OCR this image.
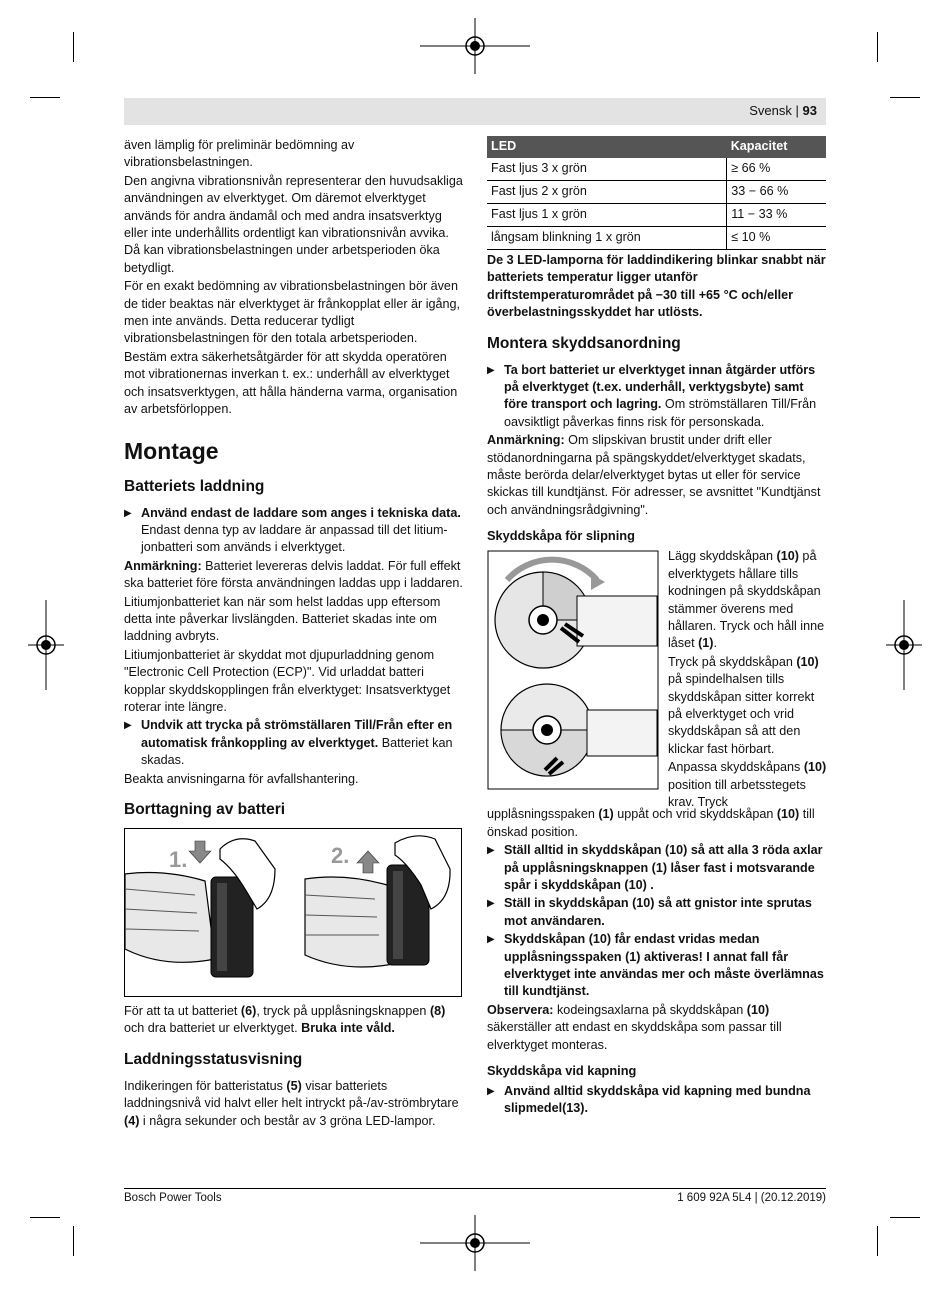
Svensk | 93

även lämplig för preliminär bedömning av vibrationsbelastningen.

Den angivna vibrationsnivån representerar den huvudsakliga användningen av elverktyget. Om däremot elverktyget används för andra ändamål och med andra insatsverktyg eller inte underhållits ordentligt kan vibrationsnivån avvika. Då kan vibrationsbelastningen under arbetsperioden öka betydligt.

För en exakt bedömning av vibrationsbelastningen bör även de tider beaktas när elverktyget är frånkopplat eller är igång, men inte används. Detta reducerar tydligt vibrationsbelastningen för den totala arbetsperioden.

Bestäm extra säkerhetsåtgärder för att skydda operatören mot vibrationernas inverkan t. ex.: underhåll av elverktyget och insatsverktygen, att hålla händerna varma, organisation av arbetsförloppen.

Montage
Batteriets laddning
▶ Använd endast de laddare som anges i tekniska data. Endast denna typ av laddare är anpassad till det litium-jonbatteri som används i elverktyget.

Anmärkning: Batteriet levereras delvis laddat. För full effekt ska batteriet före första användningen laddas upp i laddaren.

Litiumjonbatteriet kan när som helst laddas upp eftersom detta inte påverkar livslängden. Batteriet skadas inte om laddning avbryts.

Litiumjonbatteriet är skyddat mot djupurladdning genom "Electronic Cell Protection (ECP)". Vid urladdat batteri kopplar skyddskopplingen från elverktyget: Insatsverktyget roterar inte längre.

▶ Undvik att trycka på strömställaren Till/Från efter en automatisk frånkoppling av elverktyget. Batteriet kan skadas.

Beakta anvisningarna för avfallshantering.

Borttagning av batteri
1.	2.

För att ta ut batteriet (6), tryck på upplåsningsknappen (8) och dra batteriet ur elverktyget. Bruka inte våld.

Laddningsstatusvisning

Indikeringen för batteristatus (5) visar batteriets laddningsnivå vid halvt eller helt intryckt på-/av-strömbrytare (4) i några sekunder och består av 3 gröna LED-lampor.

LED	Kapacitet
Fast ljus 3 x grön	≥ 66 %
Fast ljus 2 x grön	33 − 66 %
Fast ljus 1 x grön	11 − 33 %
långsam blinkning 1 x grön	≤ 10 %

De 3 LED-lamporna för laddindikering blinkar snabbt när batteriets temperatur ligger utanför driftstemperaturområdet på −30 till +65 °C och/eller överbelastningsskyddet har utlösts.

Montera skyddsanordning
▶ Ta bort batteriet ur elverktyget innan åtgärder utförs på elverktyget (t.ex. underhåll, verktygsbyte) samt före transport och lagring. Om strömställaren Till/Från oavsiktligt påverkas finns risk för personskada.

Anmärkning: Om slipskivan brustit under drift eller stödanordningarna på spängskyddet/elverktyget skadats, måste berörda delar/elverktyget bytas ut eller för service skickas till kundtjänst. För adresser, se avsnittet "Kundtjänst och användningsrådgivning".

Skyddskåpa för slipning

Lägg skyddskåpan (10) på elverktygets hållare tills kodningen på skyddskåpan stämmer överens med hållaren. Tryck och håll inne låset (1).

Tryck på skyddskåpan (10) på spindelhalsen tills skyddskåpan sitter korrekt på elverktyget och vrid skyddskåpan så att den klickar fast hörbart.

Anpassa skyddskåpans (10) position till arbetsstegets krav. Tryck

upplåsningsspaken (1) uppåt och vrid skyddskåpan (10) till önskad position.

▶ Ställ alltid in skyddskåpan (10) så att alla 3 röda axlar på upplåsningsknappen (1) låser fast i motsvarande spår i skyddskåpan (10) .
▶ Ställ in skyddskåpan (10) så att gnistor inte sprutas mot användaren.
▶ Skyddskåpan (10) får endast vridas medan upplåsningsspaken (1) aktiveras! I annat fall får elverktyget inte användas mer och måste överlämnas till kundtjänst.

Observera: kodeingsaxlarna på skyddskåpan (10) säkerställer att endast en skyddskåpa som passar till elverktyget monteras.

Skyddskåpa vid kapning
▶ Använd alltid skyddskåpa vid kapning med bundna slipmedel(13).
Bosch Power Tools	1 609 92A 5L4 | (20.12.2019)
